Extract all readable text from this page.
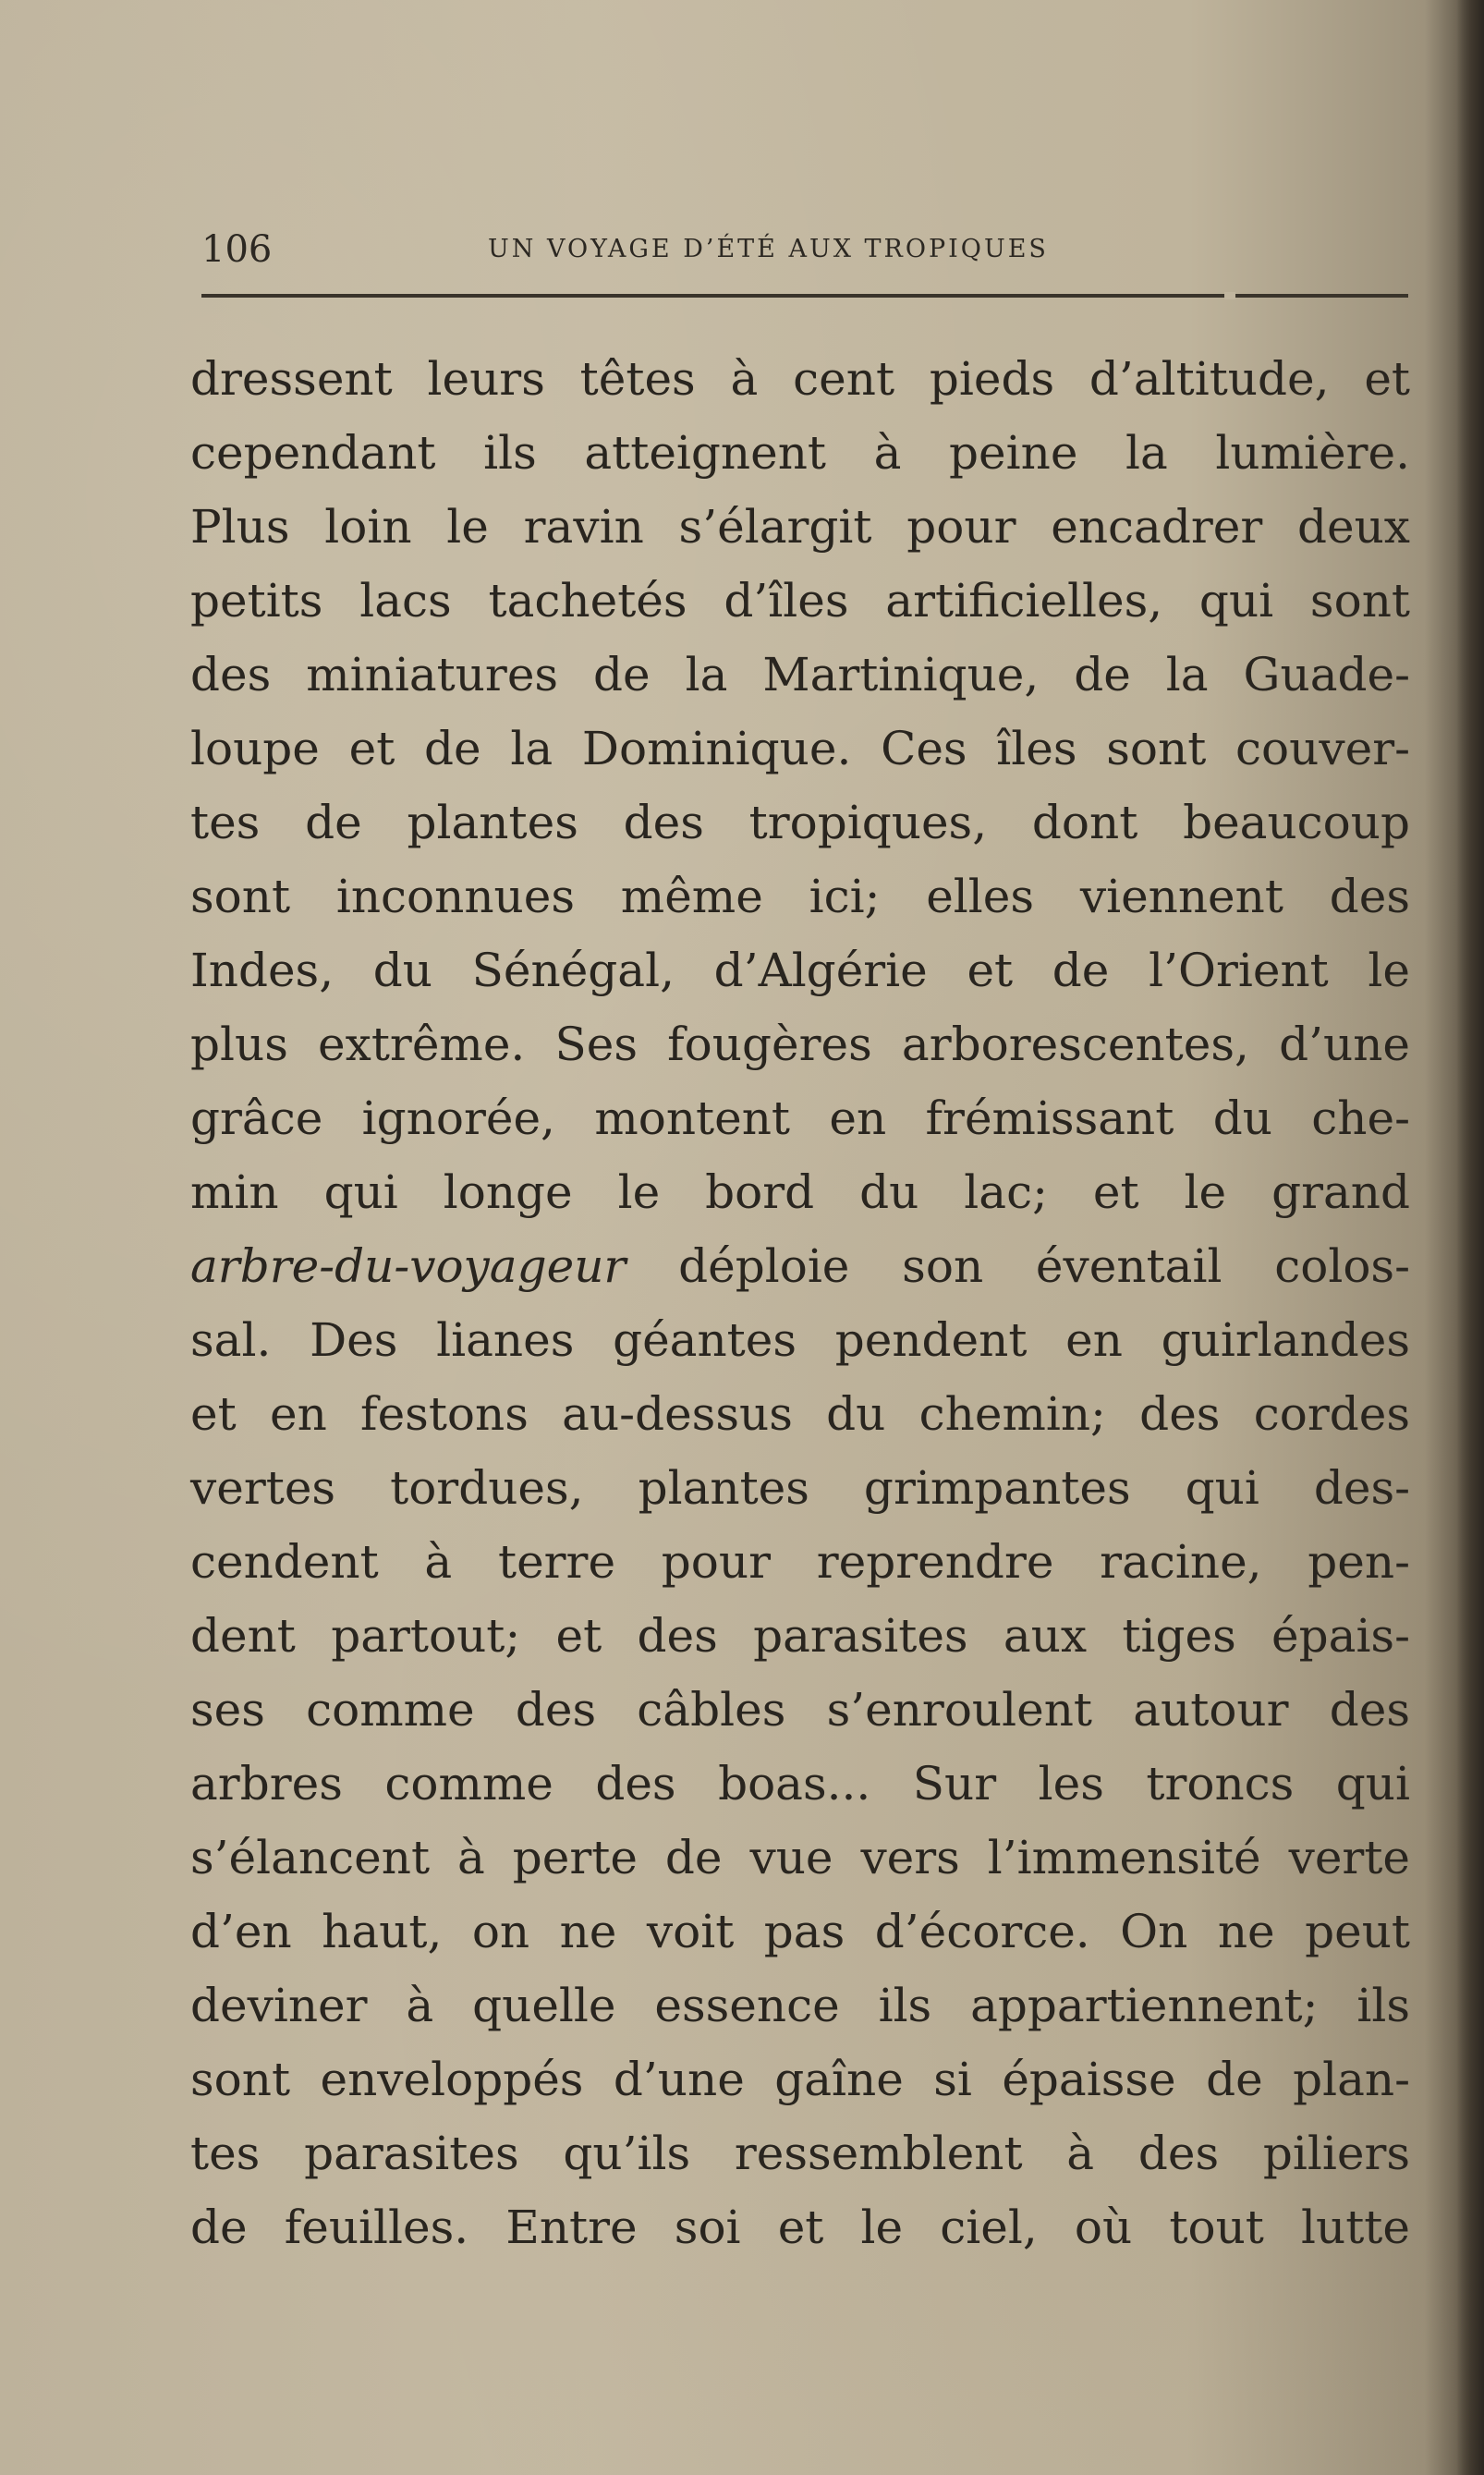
106	UN VOYAGE D’ÉTÉ AUX TROPIQUES
dressent leurs têtes à cent pieds d’altitude, et
cependant ils atteignent à peine la lumière.
Plus loin le ravin s’élargit pour encadrer deux
petits lacs tachetés d’îles artificielles, qui sont
des miniatures de la Martinique, de la Guade-
loupe et de la Dominique. Ces îles sont couver-
tes de plantes des tropiques, dont beaucoup
sont inconnues même ici; elles viennent des
Indes, du Sénégal, d’Algérie et de l’Orient le
plus extrême. Ses fougères arborescentes, d’une
grâce ignorée, montent en frémissant du che-
min qui longe le bord du lac; et le grand
arbre-du-voyageur déploie son éventail colos-
sal. Des lianes géantes pendent en guirlandes
et en festons au-dessus du chemin; des cordes
vertes tordues, plantes grimpantes qui des-
cendent à terre pour reprendre racine, pen-
dent partout; et des parasites aux tiges épais-
ses comme des câbles s’enroulent autour des
arbres comme des boas... Sur les troncs qui
s’élancent à perte de vue vers l’immensité verte
d’en haut, on ne voit pas d’écorce. On ne peut
deviner à quelle essence ils appartiennent; ils
sont enveloppés d’une gaîne si épaisse de plan-
tes parasites qu’ils ressemblent à des piliers
de feuilles. Entre soi et le ciel, où tout lutte
